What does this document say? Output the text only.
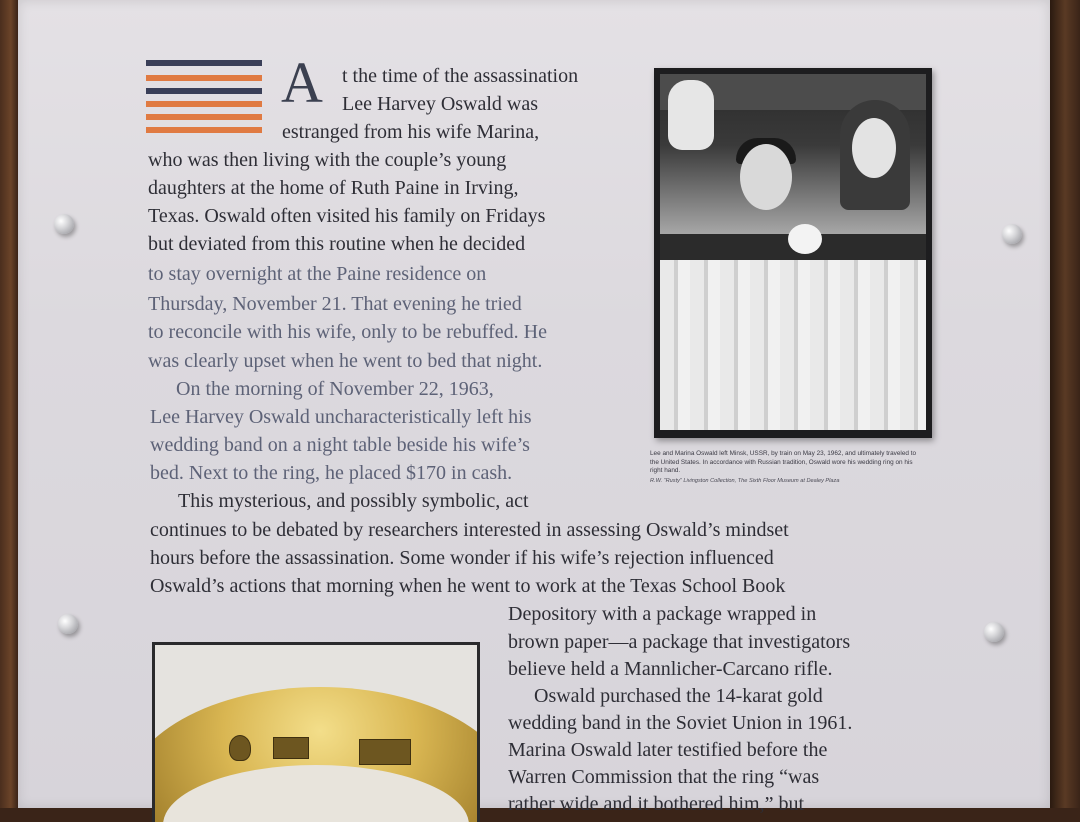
A t the time of the assassination
Lee Harvey Oswald was
estranged from his wife Marina,
who was then living with the couple’s young
daughters at the home of Ruth Paine in Irving,
Texas. Oswald often visited his family on Fridays
but deviated from this routine when he decided
to stay overnight at the Paine residence on
Thursday, November 21. That evening he tried
to reconcile with his wife, only to be rebuffed. He
was clearly upset when he went to bed that night.
On the morning of November 22, 1963,
Lee Harvey Oswald uncharacteristically left his
wedding band on a night table beside his wife’s
bed. Next to the ring, he placed $170 in cash.
This mysterious, and possibly symbolic, act
continues to be debated by researchers interested in assessing Oswald’s mindset
hours before the assassination. Some wonder if his wife’s rejection influenced
Oswald’s actions that morning when he went to work at the Texas School Book
Depository with a package wrapped in
brown paper—a package that investigators
believe held a Mannlicher-Carcano rifle.
Oswald purchased the 14-karat gold
wedding band in the Soviet Union in 1961.
Marina Oswald later testified before the
Warren Commission that the ring “was
rather wide and it bothered him,” but
Lee and Marina Oswald left Minsk, USSR, by train on May 23, 1962, and ultimately traveled to the United States. In accordance with Russian tradition, Oswald wore his wedding ring on his right hand.
R.W. “Rusty” Livingston Collection, The Sixth Floor Museum at Dealey Plaza
